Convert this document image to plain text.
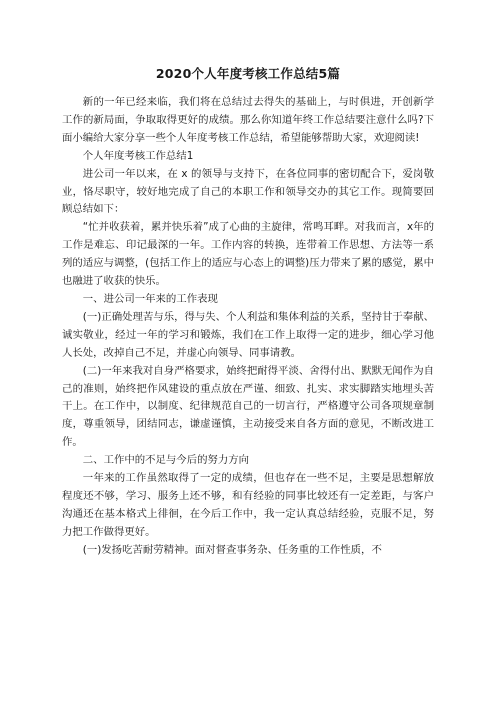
2020个人年度考核工作总结5篇

新的一年已经来临，我们将在总结过去得失的基础上，与时俱进，开创新学工作的新局面，争取取得更好的成绩。那么你知道年终工作总结要注意什么吗?下面小编给大家分享一些个人年度考核工作总结，希望能够帮助大家，欢迎阅读!

个人年度考核工作总结1

进公司一年以来，在 x 的领导与支持下，在各位同事的密切配合下，爱岗敬业，恪尽职守，较好地完成了自己的本职工作和领导交办的其它工作。现简要回顾总结如下：

“忙并收获着，累并快乐着”成了心曲的主旋律，常鸣耳畔。对我而言，x年的工作是难忘、印记最深的一年。工作内容的转换，连带着工作思想、方法等一系列的适应与调整，(包括工作上的适应与心态上的调整)压力带来了累的感觉，累中也融进了收获的快乐。

一、进公司一年来的工作表现

(一)正确处理苦与乐，得与失、个人利益和集体利益的关系，坚持甘于奉献、诚实敬业，经过一年的学习和锻炼，我们在工作上取得一定的进步，细心学习他人长处，改掉自己不足，并虚心向领导、同事请教。

(二)一年来我对自身严格要求，始终把耐得平淡、舍得付出、默默无闻作为自己的准则，始终把作风建设的重点放在严谨、细致、扎实、求实脚踏实地埋头苦干上。在工作中，以制度、纪律规范自己的一切言行，严格遵守公司各项规章制度，尊重领导，团结同志，谦虚谨慎，主动接受来自各方面的意见，不断改进工作。

二、工作中的不足与今后的努力方向

一年来的工作虽然取得了一定的成绩，但也存在一些不足，主要是思想解放程度还不够，学习、服务上还不够，和有经验的同事比较还有一定差距，与客户沟通还在基本格式上徘徊，在今后工作中，我一定认真总结经验，克服不足，努力把工作做得更好。

(一)发扬吃苦耐劳精神。面对督查事务杂、任务重的工作性质，不
